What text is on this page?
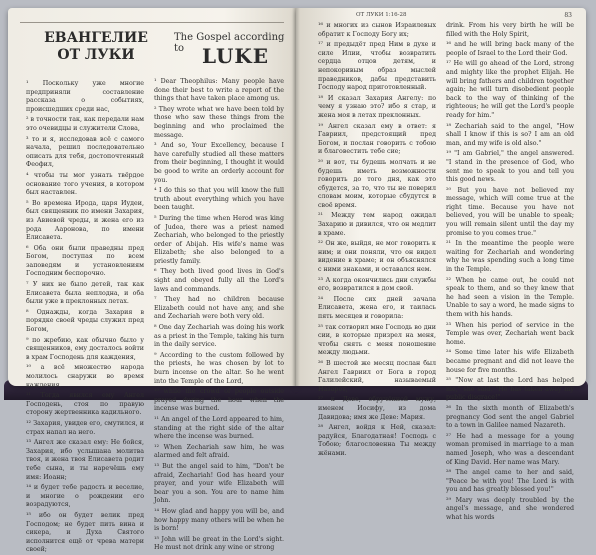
ЕВАНГЕЛИЕ
ОТ ЛУКИ
The Gospel according to LUKE

¹ Поскольку уже многие предприняли составление рассказа о событиях, происшедших среди нас,

² в точности так, как передали нам это очевидцы и служители Слова,

³ то и я, исследовав всё с самого начала, решил последовательно описать для тебя, достопочтенный Феофил,

⁴ чтобы ты мог узнать твёрдое основание того учения, в котором был наставлен.

⁵ Во времена Ирода, царя Иудеи, был священник по имени Захария, из Авиевой чреды, и жена его из рода Ааронова, по имени Елисавета.

⁶ Оба они были праведны пред Богом, поступая по всем заповедям и установлениям Господним беспорочно.

⁷ У них не было детей, так как Елисавета была неплодна, и оба были уже в преклонных летах.

⁸ Однажды, когда Захария в порядке своей чреды служил пред Богом,

⁹ по жребию, как обычно было у священников, ему досталось войти в храм Господень для каждения,

¹⁰ а всё множество народа молилось снаружи во время каждения.

¹¹ Тогда явился ему Ангел Господень, стоя по правую сторону жертвенника кадильного.

¹² Захария, увидев его, смутился, и страх напал на него.

¹³ Ангел же сказал ему: Не бойся, Захария, ибо услышана молитва твоя, и жена твоя Елисавета родит тебе сына, и ты наречёшь ему имя: Иоанн;

¹⁴ и будет тебе радость и веселие, и многие о рождении его возрадуются,

¹⁵ ибо он будет велик пред Господом; не будет пить вина и сикера, и Духа Святого исполнится ещё от чрева матери своей;

¹ Dear Theophilus: Many people have done their best to write a report of the things that have taken place among us.

² They wrote what we have been told by those who saw these things from the beginning and who proclaimed the message.

³ And so, Your Excellency, because I have carefully studied all these matters from their beginning, I thought it would be good to write an orderly account for you.

⁴ I do this so that you will know the full truth about everything which you have been taught.

⁵ During the time when Herod was king of Judea, there was a priest named Zechariah, who belonged to the priestly order of Abijah. His wife's name was Elizabeth; she also belonged to a priestly family.

⁶ They both lived good lives in God's sight and obeyed fully all the Lord's laws and commands.

⁷ They had no children because Elizabeth could not have any, and she and Zechariah were both very old.

⁸ One day Zechariah was doing his work as a priest in the Temple, taking his turn in the daily service.

⁹ According to the custom followed by the priests, he was chosen by lot to burn incense on the altar. So he went into the Temple of the Lord,

¹⁰ while the crowd of people outside prayed during the hour when the incense was burned.

¹¹ An angel of the Lord appeared to him, standing at the right side of the altar where the incense was burned.

¹² When Zechariah saw him, he was alarmed and felt afraid.

¹³ But the angel said to him, "Don't be afraid, Zechariah! God has heard your prayer, and your wife Elizabeth will bear you a son. You are to name him John.

¹⁴ How glad and happy you will be, and how happy many others will be when he is born!

¹⁵ John will be great in the Lord's sight. He must not drink any wine or strong

ОТ ЛУКИ 1:16-28	83

¹⁶ и многих из сынов Израилевых обратит к Господу Богу их;

¹⁷ и предыдёт пред Ним в духе и силе Илии, чтобы возвратить сердца отцов детям, и непокоривым образ мыслей праведников, дабы представить Господу народ приготовленный.

¹⁸ И сказал Захария Ангелу: по чему я узнаю это? ибо я стар, и жена моя в летах преклонных.

¹⁹ Ангел сказал ему в ответ: я Гавриил, предстоящий пред Богом, и послан говорить с тобою и благовестить тебе сие;

²⁰ и вот, ты будешь молчать и не будешь иметь возможности говорить до того дня, как это сбудется, за то, что ты не поверил словам моим, которые сбудутся в своё время.

²¹ Между тем народ ожидал Захарию и дивился, что он медлит в храме.

²² Он же, выйдя, не мог говорить к ним; и они поняли, что он видел видение в храме; и он объяснялся с ними знаками, и оставался нем.

²³ А когда окончились дни службы его, возвратился в дом свой.

²⁴ После сих дней зачала Елисавета, жена его, и таилась пять месяцев и говорила:

²⁵ так сотворил мне Господь во дни сии, в которые призрел на меня, чтобы снять с меня поношение между людьми.

²⁶ В шестой же месяц послан был Ангел Гавриил от Бога в город Галилейский, называемый Назарет,

²⁷ к Деве, обручённой мужу, именем Иосифу, из дома Давидова; имя же Деве: Мария.

²⁸ Ангел, войдя к Ней, сказал: радуйся, Благодатная! Господь с Тобою; благословенна Ты между жёнами.

drink. From his very birth he will be filled with the Holy Spirit,

¹⁶ and he will bring back many of the people of Israel to the Lord their God.

¹⁷ He will go ahead of the Lord, strong and mighty like the prophet Elijah. He will bring fathers and children together again; he will turn disobedient people back to the way of thinking of the righteous; he will get the Lord's people ready for him."

¹⁸ Zechariah said to the angel, "How shall I know if this is so? I am an old man, and my wife is old also."

¹⁹ "I am Gabriel," the angel answered. "I stand in the presence of God, who sent me to speak to you and tell you this good news.

²⁰ But you have not believed my message, which will come true at the right time. Because you have not believed, you will be unable to speak; you will remain silent until the day my promise to you comes true."

²¹ In the meantime the people were waiting for Zechariah and wondering why he was spending such a long time in the Temple.

²² When he came out, he could not speak to them, and so they knew that he had seen a vision in the Temple. Unable to say a word, he made signs to them with his hands.

²³ When his period of service in the Temple was over, Zechariah went back home.

²⁴ Some time later his wife Elizabeth became pregnant and did not leave the house for five months.

²⁵ "Now at last the Lord has helped me," she said. "He has taken away my public disgrace!"

²⁶ In the sixth month of Elizabeth's pregnancy God sent the angel Gabriel to a town in Galilee named Nazareth.

²⁷ He had a message for a young woman promised in marriage to a man named Joseph, who was a descendant of King David. Her name was Mary.

²⁸ The angel came to her and said, "Peace be with you! The Lord is with you and has greatly blessed you!"

²⁹ Mary was deeply troubled by the angel's message, and she wondered what his words
